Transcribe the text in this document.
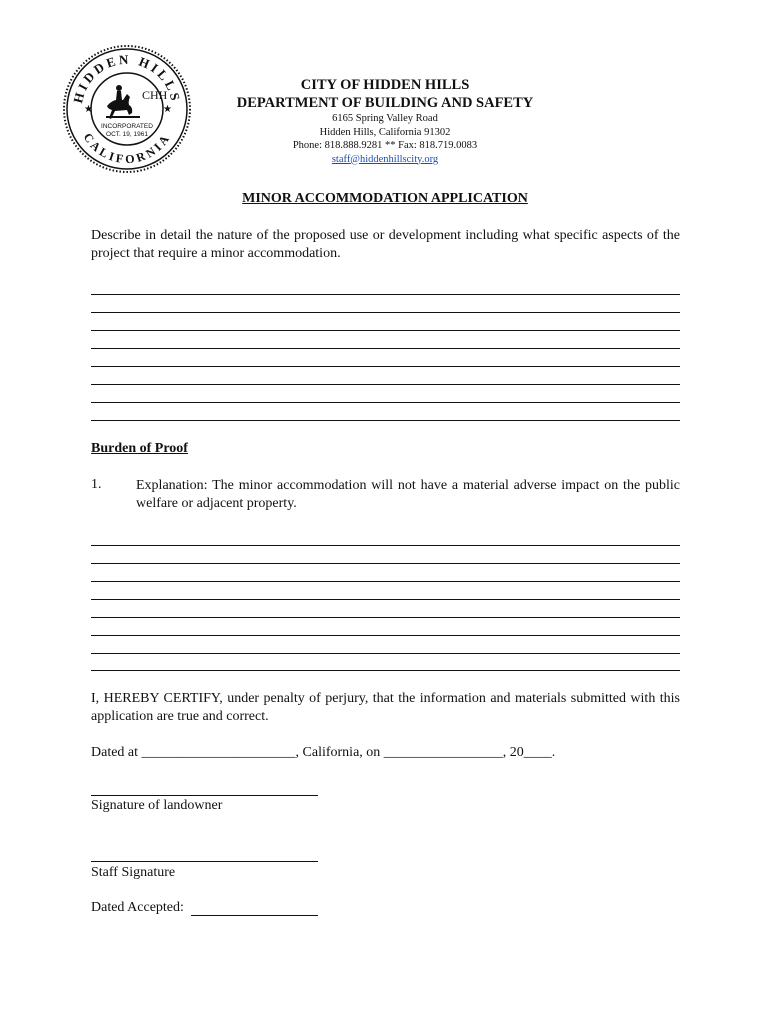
HIDDEN HILLS
CALIFORNIA
★	★
CHH
INCORPORATED
OCT. 19, 1961
CITY OF HIDDEN HILLS
DEPARTMENT OF BUILDING AND SAFETY
6165 Spring Valley Road
Hidden Hills, California 91302
Phone: 818.888.9281 ** Fax: 818.719.0083
staff@hiddenhillscity.org
MINOR ACCOMMODATION APPLICATION
Describe in detail the nature of the proposed use or development including what specific aspects of the project that require a minor accommodation.
Burden of Proof
1. Explanation: The minor accommodation will not have a material adverse impact on the public welfare or adjacent property.
I, HEREBY CERTIFY, under penalty of perjury, that the information and materials submitted with this application are true and correct.
Dated at ______________________, California, on _________________, 20____.
Signature of landowner
Staff Signature
Dated Accepted:
